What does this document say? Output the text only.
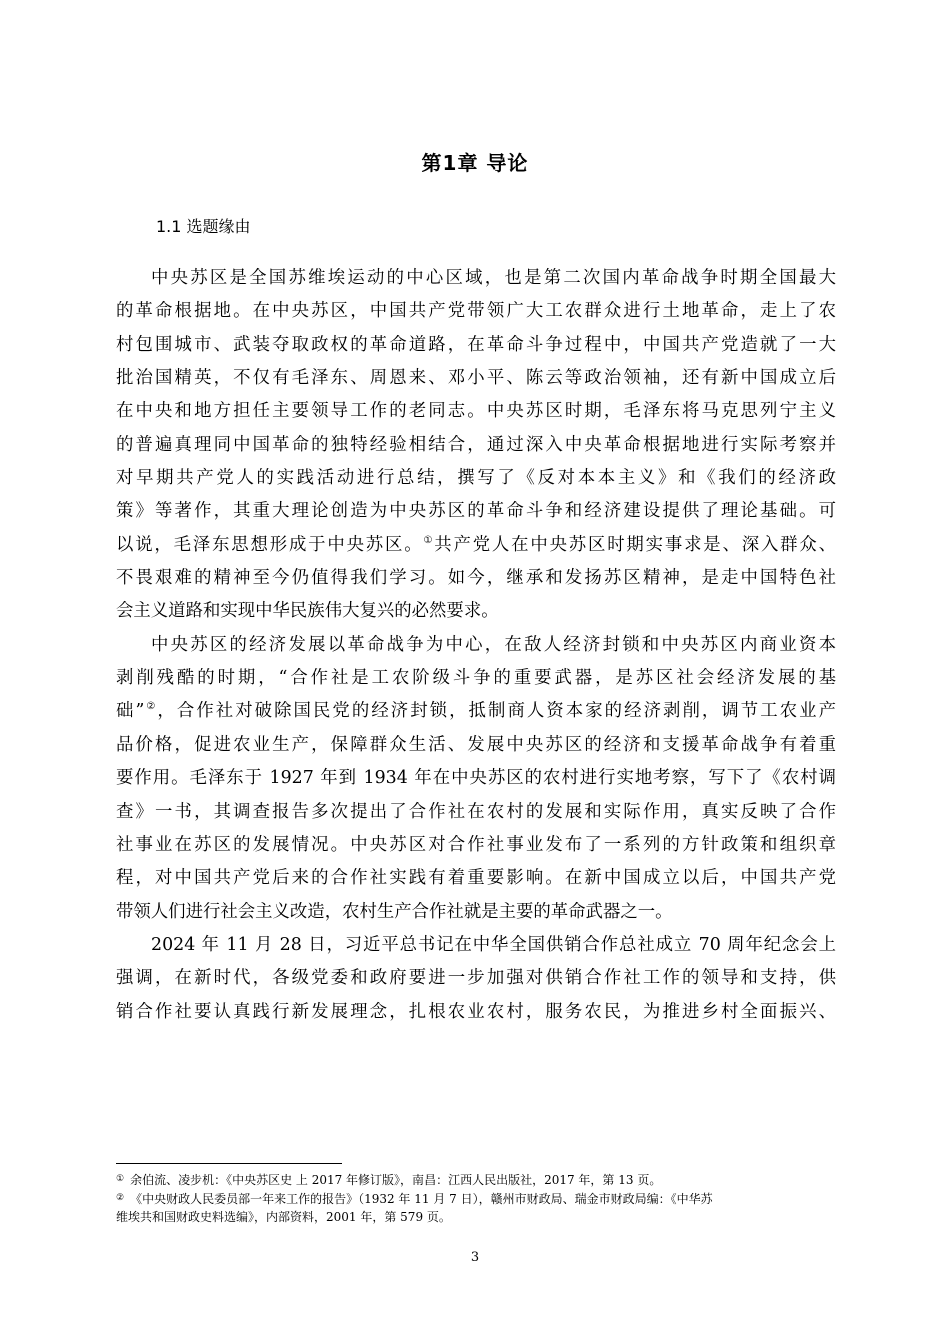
第1章 导论
1.1 选题缘由
中央苏区是全国苏维埃运动的中心区域，也是第二次国内革命战争时期全国最大
的革命根据地。在中央苏区，中国共产党带领广大工农群众进行土地革命，走上了农
村包围城市、武装夺取政权的革命道路，在革命斗争过程中，中国共产党造就了一大
批治国精英，不仅有毛泽东、周恩来、邓小平、陈云等政治领袖，还有新中国成立后
在中央和地方担任主要领导工作的老同志。中央苏区时期，毛泽东将马克思列宁主义
的普遍真理同中国革命的独特经验相结合，通过深入中央革命根据地进行实际考察并
对早期共产党人的实践活动进行总结，撰写了《反对本本主义》和《我们的经济政
策》等著作，其重大理论创造为中央苏区的革命斗争和经济建设提供了理论基础。可
以说，毛泽东思想形成于中央苏区。①共产党人在中央苏区时期实事求是、深入群众、
不畏艰难的精神至今仍值得我们学习。如今，继承和发扬苏区精神，是走中国特色社
会主义道路和实现中华民族伟大复兴的必然要求。
中央苏区的经济发展以革命战争为中心，在敌人经济封锁和中央苏区内商业资本
剥削残酷的时期，“合作社是工农阶级斗争的重要武器，是苏区社会经济发展的基
础”②，合作社对破除国民党的经济封锁，抵制商人资本家的经济剥削，调节工农业产
品价格，促进农业生产，保障群众生活、发展中央苏区的经济和支援革命战争有着重
要作用。毛泽东于 1927 年到 1934 年在中央苏区的农村进行实地考察，写下了《农村调
查》一书，其调查报告多次提出了合作社在农村的发展和实际作用，真实反映了合作
社事业在苏区的发展情况。中央苏区对合作社事业发布了一系列的方针政策和组织章
程，对中国共产党后来的合作社实践有着重要影响。在新中国成立以后，中国共产党
带领人们进行社会主义改造，农村生产合作社就是主要的革命武器之一。
2024 年 11 月 28 日，习近平总书记在中华全国供销合作总社成立 70 周年纪念会上
强调，在新时代，各级党委和政府要进一步加强对供销合作社工作的领导和支持，供
销合作社要认真践行新发展理念，扎根农业农村，服务农民，为推进乡村全面振兴、
① 余伯流、凌步机：《中央苏区史 上 2017 年修订版》，南昌：江西人民出版社，2017 年，第 13 页。
② 《中央财政人民委员部一年来工作的报告》（1932 年 11 月 7 日），赣州市财政局、瑞金市财政局编：《中华苏
维埃共和国财政史料选编》，内部资料，2001 年，第 579 页。
3
